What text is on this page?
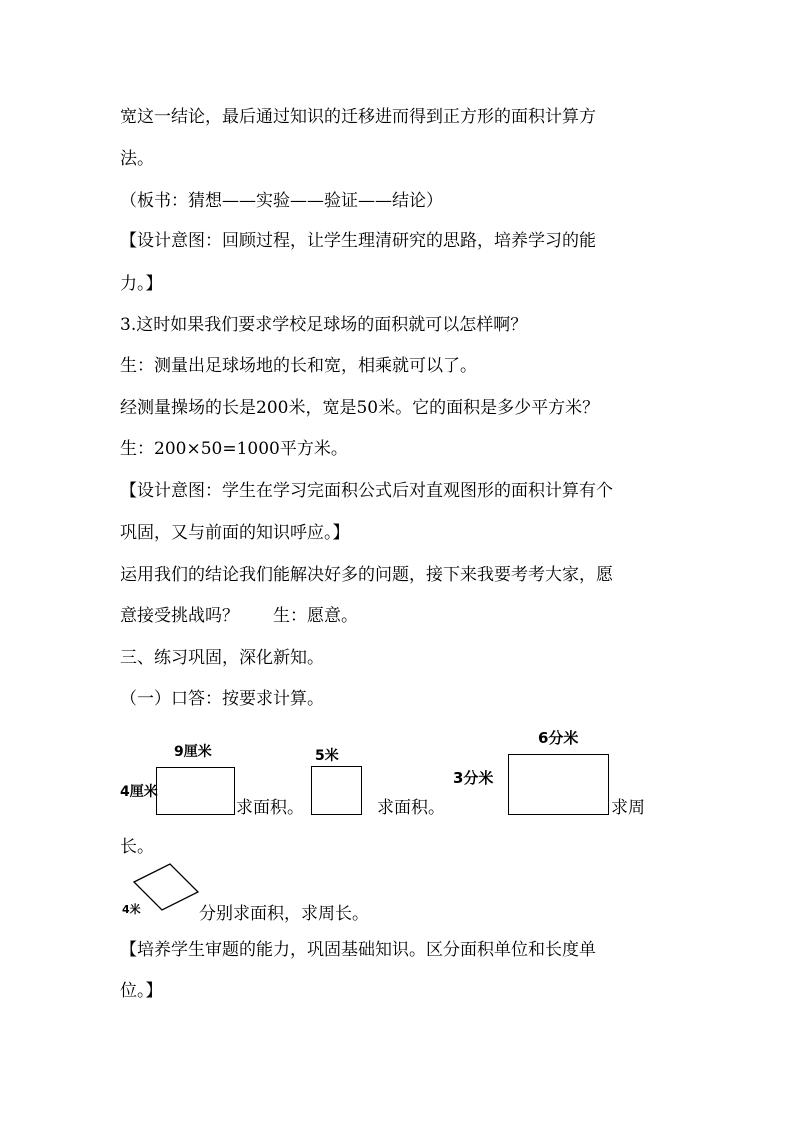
宽这一结论，最后通过知识的迁移进而得到正方形的面积计算方
法。
（板书：猜想——实验——验证——结论）
【设计意图：回顾过程，让学生理清研究的思路，培养学习的能
力。】
3.这时如果我们要求学校足球场的面积就可以怎样啊？
生：测量出足球场地的长和宽，相乘就可以了。
经测量操场的长是200米，宽是50米。它的面积是多少平方米？
生：200×50=1000平方米。
【设计意图：学生在学习完面积公式后对直观图形的面积计算有个
巩固，又与前面的知识呼应。】
运用我们的结论我们能解决好多的问题，接下来我要考考大家，愿
意接受挑战吗？　　生：愿意。
三、练习巩固，深化新知。
（一）口答：按要求计算。
9厘米
4厘米
求面积。
5米
求面积。
6分米
3分米
求周
长。
4米	分别求面积，求周长。
【培养学生审题的能力，巩固基础知识。区分面积单位和长度单
位。】
